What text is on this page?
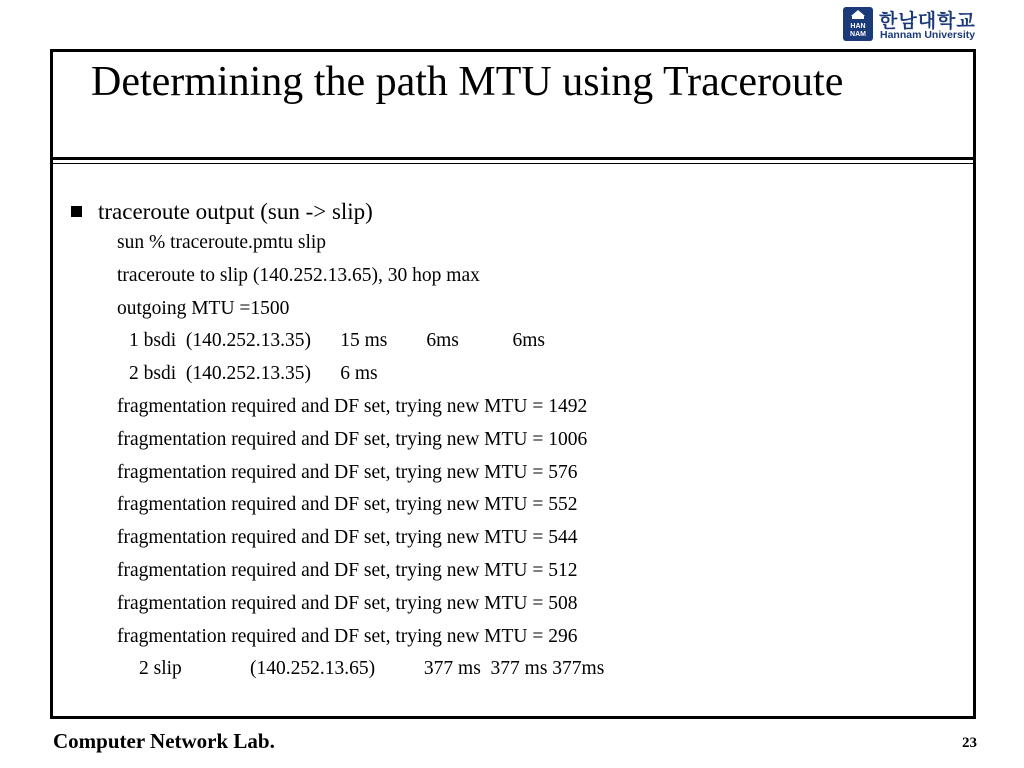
HAN
NAM
한남대학교
Hannam University
Determining the path MTU using Traceroute
traceroute output (sun -> slip)
sun % traceroute.pmtu slip
traceroute to slip (140.252.13.65), 30 hop max
outgoing MTU =1500
1 bsdi  (140.252.13.35)      15 ms        6ms           6ms
2 bsdi  (140.252.13.35)      6 ms
fragmentation required and DF set, trying new MTU = 1492
fragmentation required and DF set, trying new MTU = 1006
fragmentation required and DF set, trying new MTU = 576
fragmentation required and DF set, trying new MTU = 552
fragmentation required and DF set, trying new MTU = 544
fragmentation required and DF set, trying new MTU = 512
fragmentation required and DF set, trying new MTU = 508
fragmentation required and DF set, trying new MTU = 296
2 slip              (140.252.13.65)          377 ms  377 ms 377ms
Computer Network Lab.	23
